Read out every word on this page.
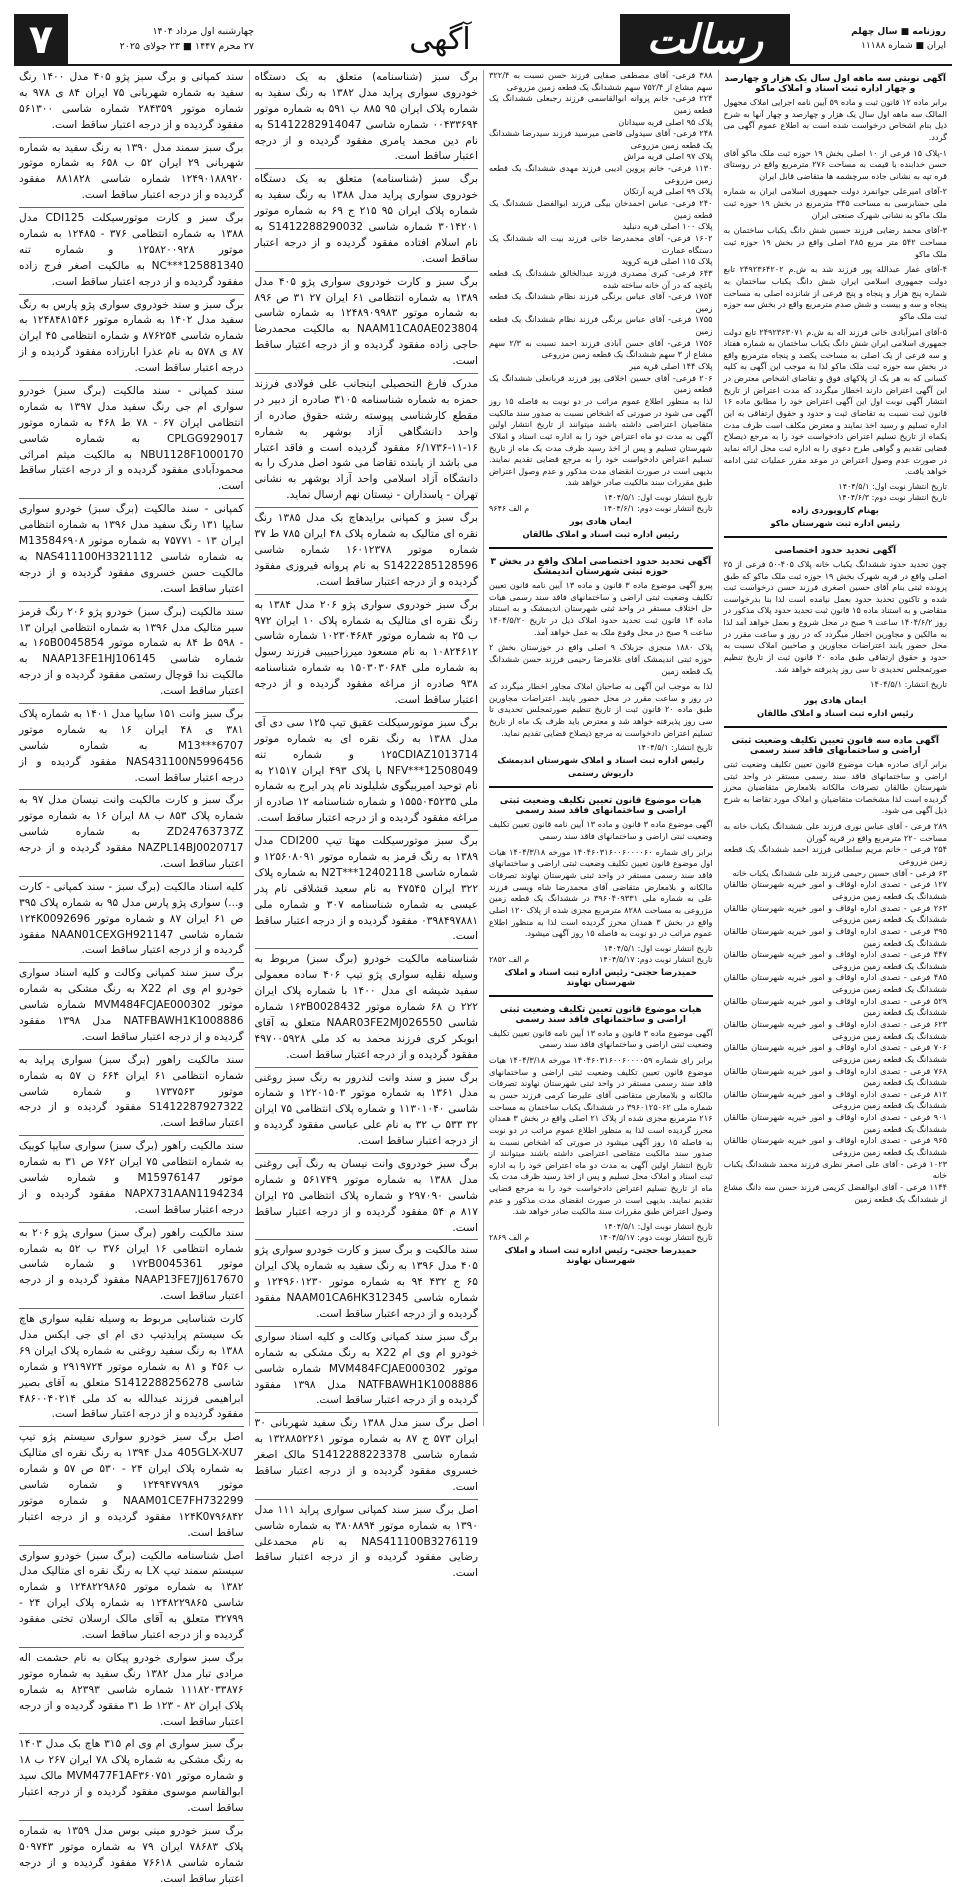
۷	چهارشنبه اول مرداد ۱۴۰۴
۲۷ محرم ۱۴۴۷ ■ ۲۳ جولای ۲۰۲۵	آگهی	رسالت	روزنامه ■ سال چهلم
ایران ■ شماره ۱۱۱۸۸
آگهی نوبتی سه ماهه اول سال یک هزار و چهارصد و چهار اداره ثبت اسناد و املاک ماکو

برابر ماده ۱۲ قانون ثبت و ماده ۵۹ آیین نامه اجرایی املاک مجهول المالک سه ماهه اول سال یک هزار و چهارصد و چهار آنها به شرح ذیل بنام اشخاص درخواست شده است به اطلاع عموم آگهی می گردد.

۱-پلاک ۱۵ فرعی از ۱۰ اصلی بخش ۱۹ حوزه ثبت ملک ماکو آقای حسن خدابنده با قیمت به مساحت ۲۷۶ مترمربع واقع در روستای قره تپه به نشانی جاده سرچشمه ها متقاضی قابل ایران

۲-آقای امیرعلی جوانمرد دولت جمهوری اسلامی ایران به شماره ملی حسابرسی به مساحت ۳۴۵ مترمربع در بخش ۱۹ حوزه ثبت ملک ماکو به نشانی شهرک صنعتی ایران

۳-آقای محمد رضایی فرزند حسین شش دانگ یکباب ساختمان به مساحت ۵۴۲ متر مربع ۲۸۵ اصلی واقع در بخش ۱۹ حوزه ثبت ملک ماکو

۴-آقای غفار عبدالله پور فرزند شد به ش.م ۲۴۹۲۳۶۴۲۰۲ تابع دولت جمهوری اسلامی ایران شش دانگ یکباب ساختمان به شماره پنج هزار و پنجاه و پنج فرعی از شانزده اصلی به مساحت پنجاه و سه و بیست و شش صدم مترمربع واقع در بخش سه حوزه ثبت ملک ماکو

۵-آقای امیرآبادی خانی فرزند اله به ش.م ۲۴۹۲۳۶۳۰۷۱ تابع دولت جمهوری اسلامی ایران شش دانگ یکباب ساختمان به شماره هفتاد و سه فرعی از یک اصلی به مساحت یکصد و پنجاه مترمربع واقع در بخش سه حوزه ثبت ملک ماکو لذا به موجب این آگهی به کلیه کسانی که به هر یک از پلاکهای فوق و تقاضای اشخاص معترض در این آگهی اعتراض دارند اخطار میگردد که مدت اعتراض از تاریخ انتشار آگهی نوبت اول این آگهی اعتراض خود را مطابق ماده ۱۶ قانون ثبت نسبت به تقاضای ثبت و حدود و حقوق ارتفاقی به این اداره تسلیم و رسید اخذ نمایند و معترض مکلف است ظرف مدت یکماه از تاریخ تسلیم اعتراض دادخواست خود را به مرجع ذیصلاح قضایی تقدیم و گواهی طرح دعوی را به اداره ثبت محل ارائه نماید در صورت عدم وصول اعتراض در موعد مقرر عملیات ثبتی ادامه خواهد یافت.

تاریخ انتشار نوبت اول: ۱۴۰۴/۵/۱
تاریخ انتشار نوبت دوم: ۱۴۰۴/۶/۳
بهنام کاروپوردی زاده
رئیس اداره ثبت شهرستان ماکو
آگهی تحدید حدود اختصاصی

چون تحدید حدود ششدانگ یکباب خانه پلاک ۴۰۵-۵۰ فرعی از ۲۵ اصلی واقع در قریه شهرک بخش ۱۹ حوزه ثبت ملک ماکو که طبق پرونده ثبتی بنام آقای حسین اصغری فرزند حسن درخواست ثبت شده و تاکنون تحدید حدود بعمل نیامده است لذا بنا بدرخواست متقاضی و به استناد ماده ۱۵ قانون ثبت تحدید حدود پلاک مذکور در روز ۱۴۰۴/۶/۲ ساعت ۹ صبح در محل شروع و بعمل خواهد آمد لذا به مالکین و مجاورین اخطار میگردد که در روز و ساعت مقرر در محل حضور یابند اعتراضات مجاورین و صاحبین املاک نسبت به حدود و حقوق ارتفاقی طبق ماده ۲۰ قانون ثبت از تاریخ تنظیم صورتمجلس تحدیدی تا سی روز پذیرفته خواهد شد.

تاریخ انتشار: ۱۴۰۴/۵/۱

ایمان هادی پور
رئیس اداره ثبت اسناد و املاک طالقان
آگهی ماده سه قانون تعیین تکلیف وضعیت ثبتی اراضی و ساختمانهای فاقد سند رسمی

برابر آرای صادره هیات موضوع قانون تعیین تکلیف وضعیت ثبتی اراضی و ساختمانهای فاقد سند رسمی مستقر در واحد ثبتی شهرستان طالقان تصرفات مالکانه بلامعارض متقاضیان محرز گردیده است لذا مشخصات متقاضیان و املاک مورد تقاضا به شرح ذیل آگهی می شود.

۲۸۹ فرعی - آقای عباس نوری فرزند علی ششدانگ یکباب خانه به مساحت ۲۲۰ مترمربع واقع در قریه گوران

۲۵۴ فرعی - خانم مریم سلطانی فرزند احمد ششدانگ یک قطعه زمین مزروعی

۶۳ فرعی - آقای حسین رحیمی فرزند علی ششدانگ یکباب خانه

۱۲۷ فرعی - تصدی اداره اوقاف و امور خیریه شهرستان طالقان ششدانگ یک قطعه زمین مزروعی

۲۶۳ فرعی - تصدی اداره اوقاف و امور خیریه شهرستان طالقان ششدانگ یک قطعه زمین مزروعی

۳۹۵ فرعی - تصدی اداره اوقاف و امور خیریه شهرستان طالقان ششدانگ یک قطعه زمین

۴۴۷ فرعی - تصدی اداره اوقاف و امور خیریه شهرستان طالقان ششدانگ یک قطعه زمین مزروعی

۴۸۵ فرعی - تصدی اداره اوقاف و امور خیریه شهرستان طالقان ششدانگ یک قطعه زمین مزروعی

۵۲۹ فرعی - تصدی اداره اوقاف و امور خیریه شهرستان طالقان ششدانگ یک قطعه زمین

۶۲۳ فرعی - تصدی اداره اوقاف و امور خیریه شهرستان طالقان ششدانگ یک قطعه زمین مزروعی

۷۰۶ فرعی - تصدی اداره اوقاف و امور خیریه شهرستان طالقان ششدانگ یک قطعه زمین مزروعی

۷۶۸ فرعی - تصدی اداره اوقاف و امور خیریه شهرستان طالقان ششدانگ یک قطعه زمین

۸۱۲ فرعی - تصدی اداره اوقاف و امور خیریه شهرستان طالقان ششدانگ یک قطعه زمین مزروعی

۹۰۱ فرعی - تصدی اداره اوقاف و امور خیریه شهرستان طالقان ششدانگ یک قطعه زمین

۹۶۵ فرعی - تصدی اداره اوقاف و امور خیریه شهرستان طالقان ششدانگ یک قطعه زمین مزروعی

۱۰۲۳ فرعی - آقای علی اصغر نظری فرزند محمد ششدانگ یکباب خانه

۱۱۴۴ فرعی - آقای ابوالفضل کریمی فرزند حسن سه دانگ مشاع از ششدانگ یک قطعه زمین

۳۸۸ فرعی- آقای مصطفی صفایی فرزند حسن نسبت به ۳۲۲/۴ سهم مشاع از ۷۵۲/۴ سهم ششدانگ یک قطعه زمین مزروعی

۲۲۴ فرعی- خانم پروانه ابوالقاسمی فرزند رجبعلی ششدانگ یک قطعه زمین

پلاک ۹۵ اصلی قریه سیدانان

۲۴۸ فرعی- آقای سیدولی قاضی میرسید فرزند سیدرضا ششدانگ یک قطعه زمین مزروعی

پلاک ۹۷ اصلی قریه مراش

۱۱۳۰ فرعی- خانم پروین ادیبی فرزند مهدی ششدانگ یک قطعه زمین مزروعی

پلاک ۹۹ اصلی قریه آرتکان

۲۴۰ فرعی- عباس احمدخان بیگی فرزند ابوالفضل ششدانگ یک قطعه زمین

پلاک ۱۰۰ اصلی قریه دنبلید

۱۶۰۲ فرعی- آقای محمدرضا خانی فرزند بیت اله ششدانگ یک دستگاه عمارت

پلاک ۱۱۵ اصلی قریه کروید

۶۴۳ فرعی- کبری مصدری فرزند عبدالخالق ششدانگ یک قطعه باغچه که در آن خانه ساخته شده

۱۷۵۴ فرعی- آقای عباس برنگی فرزند نظام ششدانگ یک قطعه زمین

۱۷۵۵ فرعی- آقای عباس برنگی فرزند نظام ششدانگ یک قطعه زمین

۱۷۵۶ فرعی- آقای حسن آبادی فرزند احمد نسبت به ۲/۳ سهم مشاع از ۳ سهم ششدانگ یک قطعه زمین مزروعی

پلاک ۱۴۴ اصلی قریه میر

۲۰۶ فرعی- آقای حسین اخلاقی پور فرزند قربانعلی ششدانگ یک قطعه زمین

لذا به منظور اطلاع عموم مراتب در دو نوبت به فاصله ۱۵ روز آگهی می شود در صورتی که اشخاص نسبت به صدور سند مالکیت متقاضیان اعتراضی داشته باشند میتوانند از تاریخ انتشار اولین آگهی به مدت دو ماه اعتراض خود را به اداره ثبت اسناد و املاک شهرستان تسلیم و پس از اخذ رسید ظرف مدت یک ماه از تاریخ تسلیم اعتراض دادخواست خود را به مرجع قضایی تقدیم نمایند. بدیهی است در صورت انقضای مدت مذکور و عدم وصول اعتراض طبق مقررات سند مالکیت صادر خواهد شد.

تاریخ انتشار نوبت اول: ۱۴۰۴/۵/۱
تاریخ انتشار نوبت دوم: ۱۴۰۴/۶/۱
م الف ۹۶۴۶
ایمان هادی پور
رئیس اداره ثبت اسناد و املاک طالقان
آگهی تحدید حدود اختصاصی املاک واقع در بخش ۳ حوزه ثبتی شهرستان اندیمشک

پیرو آگهی موضوع ماده ۳ قانون و ماده ۱۳ آیین نامه قانون تعیین تکلیف وضعیت ثبتی اراضی و ساختمانهای فاقد سند رسمی هیات حل اختلاف مستقر در واحد ثبتی شهرستان اندیمشک و به استناد ماده ۱۴ قانون ثبت تحدید حدود املاک ذیل در تاریخ ۱۴۰۴/۵/۲۰ ساعت ۹ صبح در محل وقوع ملک به عمل خواهد آمد.

پلاک ۱۸۸۰ منجزی جزبلاک ۹ اصلی واقع در خوزستان بخش ۲ حوزه ثبتی اندیمشک آقای غلامرضا رحیمی فرزند حسن ششدانگ یک قطعه زمین

لذا به موجب این آگهی به صاحبان املاک مجاور اخطار میگردد که در روز و ساعت مقرر در محل حضور یابند. اعتراضات مجاورین طبق ماده ۲۰ قانون ثبت از تاریخ تنظیم صورتمجلس تحدیدی تا سی روز پذیرفته خواهد شد و معترض باید ظرف یک ماه از تاریخ تسلیم اعتراض دادخواست به مرجع ذیصلاح قضایی تقدیم نماید.

تاریخ انتشار: ۱۴۰۴/۵/۱
رئیس اداره ثبت اسناد و املاک شهرستان اندیمشک
داریوش رستمی
هیات موضوع قانون تعیین تکلیف وضعیت ثبتی اراضی و ساختمانهای فاقد سند رسمی

آگهی موضوع ماده ۳ قانون و ماده ۱۳ آیین نامه قانون تعیین تکلیف وضعیت ثبتی اراضی و ساختمانهای فاقد سند رسمی

برابر رای شماره ۱۴۰۴۶۰۳۱۶۰۰۶۰۰۰۰۶۰ مورخه ۱۴۰۴/۳/۱۸ هیات اول موضوع قانون تعیین تکلیف وضعیت ثبتی اراضی و ساختمانهای فاقد سند رسمی مستقر در واحد ثبتی شهرستان نهاوند تصرفات مالکانه و بلامعارض متقاضی آقای محمدرضا شاه ویسی فرزند علی به شماره ملی ۳۹۶۰۴۰۹۳۳۱ در ششدانگ یک قطعه زمین مزروعی به مساحت ۸۲۸۸ مترمربع مجزی شده از پلاک ۱۲۰ اصلی واقع در بخش ۳ همدان محرز گردیده است لذا به منظور اطلاع عموم مراتب در دو نوبت به فاصله ۱۵ روز آگهی میشود.

تاریخ انتشار نوبت اول: ۱۴۰۴/۵/۱
تاریخ انتشار نوبت دوم: ۱۴۰۴/۵/۱۷
م الف ۲۸۵۲
حمیدرضا حجتی- رئیس اداره ثبت اسناد و املاک شهرستان نهاوند
هیات موضوع قانون تعیین تکلیف وضعیت ثبتی اراضی و ساختمانهای فاقد سند رسمی

آگهی موضوع ماده ۳ قانون و ماده ۱۳ آیین نامه قانون تعیین تکلیف وضعیت ثبتی اراضی و ساختمانهای فاقد سند رسمی

برابر رای شماره ۱۴۰۴۶۰۳۱۶۰۰۶۰۰۰۰۵۹ مورخه ۱۴۰۴/۳/۱۸ هیات موضوع قانون تعیین تکلیف وضعیت ثبتی اراضی و ساختمانهای فاقد سند رسمی مستقر در واحد ثبتی شهرستان نهاوند تصرفات مالکانه و بلامعارض متقاضی آقای علیرضا کرمی فرزند حسن به شماره ملی ۳۹۶۰۱۲۵۰۶۲ در ششدانگ یکباب ساختمان به مساحت ۲۱۶ مترمربع مجزی شده از پلاک ۲۱ اصلی واقع در بخش ۳ همدان محرز گردیده است لذا به منظور اطلاع عموم مراتب در دو نوبت به فاصله ۱۵ روز آگهی میشود در صورتی که اشخاص نسبت به صدور سند مالکیت متقاضی اعتراضی داشته باشند میتوانند از تاریخ انتشار اولین آگهی به مدت دو ماه اعتراض خود را به اداره ثبت اسناد و املاک محل تسلیم و پس از اخذ رسید ظرف مدت یک ماه از تاریخ تسلیم اعتراض دادخواست خود را به مرجع قضایی تقدیم نمایند. بدیهی است در صورت انقضای مدت مذکور و عدم وصول اعتراض طبق مقررات سند مالکیت صادر خواهد شد.

تاریخ انتشار نوبت اول: ۱۴۰۴/۵/۱
تاریخ انتشار نوبت دوم: ۱۴۰۴/۵/۱۷
م الف ۲۸۶۹
حمیدرضا حجتی- رئیس اداره ثبت اسناد و املاک شهرستان نهاوند

برگ سبز (شناسنامه) متعلق به یک دستگاه خودروی سواری پراید مدل ۱۳۸۲ به رنگ سفید به شماره پلاک ایران ۹۵ ۸۸۵ ب ۵۹۱ به شماره موتور ۰۰۴۳۳۶۹۴ شماره شاسی S1412282914047 به نام دین محمد یامری مفقود گردیده و از درجه اعتبار ساقط است.

برگ سبز (شناسنامه) متعلق به یک دستگاه خودروی سواری پراید مدل ۱۳۸۸ به رنگ سفید به شماره پلاک ایران ۹۵ ۲۱۵ ج ۶۹ به شماره موتور ۳۰۱۴۲۰۱ شماره شاسی S1412288290032 به نام اسلام افتاده مفقود گردیده و از درجه اعتبار ساقط است.

برگ سبز و کارت خودروی سواری پژو ۴۰۵ مدل ۱۳۸۹ به شماره انتظامی ۶۱ ایران ۲۷ ۳۱ ص ۸۹۶ به شماره موتور ۱۲۴۸۹۰۹۹۸۳ به شماره شاسی NAAM11CA0AE023804 به مالکیت محمدرضا حاجی زاده مفقود گردیده و از درجه اعتبار ساقط است.

مدرک فارغ التحصیلی اینجانب علی فولادی فرزند حمزه به شماره شناسنامه ۳۱۰۵ صادره از دبیر در مقطع کارشناسی پیوسته رشته حقوق صادره از واحد دانشگاهی آزاد بوشهر به شماره ۱۶-۱۱-۶/۱۷۳۶ مفقود گردیده است و فاقد اعتبار می باشد از یابنده تقاضا می شود اصل مدرک را به دانشگاه آزاد اسلامی واحد آزاد بوشهر به نشانی تهران - پاسداران - نیستان نهم ارسال نماید.

برگ سبز و کمپانی برایدهاچ بک مدل ۱۳۸۵ رنگ نقره ای متالیک به شماره پلاک ۴۸ ایران ۷۸۵ ط ۳۷ شماره موتور ۱۶۰۱۲۳۷۸ شماره شاسی S1422285128596 به نام پروانه فیروزی مفقود گردیده و از درجه اعتبار ساقط است.

برگ سبز خودروی سواری پژو ۲۰۶ مدل ۱۳۸۴ به رنگ نقره ای متالیک به شماره پلاک ۱۰ ایران ۹۷۲ ب ۲۵ به شماره موتور ۱۰۲۳۰۴۶۸۴ شماره شاسی ۱۰۸۲۴۶۱۲ به نام مسعود میرزاحبیبی فرزند رسول به شماره ملی ۱۵۰۳۰۳۰۶۸۴ به شماره شناسنامه ۹۳۸ صادره از مراغه مفقود گردیده و از درجه اعتبار ساقط است.

برگ سبز موتورسیکلت عقیق تیپ ۱۲۵ سی دی آی مدل ۱۳۸۸ به رنگ نقره ای به شماره موتور ۱۲۵CDIAZ1013714 و شماره تنه NFV***12508049 با پلاک ۴۹۳ ایران ۲۱۵۱۷ به نام توحید امیربیگوی شلیلوند نام پدر ایرج به شماره ملی ۱۵۵۵۰۴۵۲۳۵ و شماره شناسنامه ۱۲ صادره از مراغه مفقود گردیده و از درجه اعتبار ساقط است.

برگ سبز موتورسیکلت مهتا تیپ CDI200 مدل ۱۳۸۹ به رنگ قرمز به شماره موتور ۱۲۵۶۰۸۰۹۱ و شماره شاسی N2T***12402118 به شماره پلاک ۳۲۲ ایران ۴۷۵۴۵ به نام سعید قشلاقی نام پدر عیسی به شماره شناسنامه ۳۰۷ و شماره ملی ۰۳۹۸۴۹۷۸۸۱ مفقود گردیده و از درجه اعتبار ساقط است.

شناسنامه مالکیت خودرو (برگ سبز) مربوط به وسیله نقلیه سواری پژو تیپ ۴۰۶ ساده معمولی سفید شیشه ای مدل ۱۴۰۰ با شماره پلاک ایران ۲۲۲ ن ۶۸ شماره موتور ۱۶۳B0028432 شماره شاسی NAAR03FE2MJ026550 متعلق به آقای ابوبکر کری فرزند محمد به کد ملی ۴۹۷۰۰۵۹۲۸ مفقود گردیده و از درجه اعتبار ساقط است.

برگ سبز و سند وانت لندرور به رنگ سبز روغنی مدل ۱۳۶۱ به شماره موتور ۱۲۲۰۱۵۰۳ و شماره شاسی ۱۱۳۰۱۰۴۰ و شماره پلاک انتظامی ۷۵ ایران ۳۲ ۵۳۳ ب ۳۲ به نام علی عباسی مفقود گردیده و از درجه اعتبار ساقط است.

برگ سبز خودروی وانت نیسان به رنگ آبی روغنی مدل ۱۳۸۸ به شماره موتور ۵۶۱۷۴۹ و شماره شاسی ۲۹۷۰۹۰ و شماره پلاک انتظامی ۲۵ ایران ۸۱۷ م ۵۴ مفقود گردیده و از درجه اعتبار ساقط است.

سند مالکیت و برگ سبز و کارت خودرو سواری پژو ۴۰۵ مدل ۱۳۹۶ به رنگ سفید به شماره پلاک ایران ۶۵ ج ۴۳۲ ۹۴ به شماره موتور ۱۲۴۹۶۰۱۲۳۰ و شماره شاسی NAAM01CA6HK312345 مفقود گردیده و از درجه اعتبار ساقط است.

برگ سبز سند کمپانی وکالت و کلیه اسناد سواری خودرو ام وی ام X22 به رنگ مشکی به شماره موتور MVM484FCJAE000302 شماره شاسی NATFBAWH1K1008886 مدل ۱۳۹۸ مفقود گردیده و از درجه اعتبار ساقط است.

اصل برگ سبز مدل ۱۳۸۸ رنگ سفید شهربانی ۳۰ ایران ۵۷۳ ج ۸۷ به شماره موتور ۱۳۲۸۸۵۲۲۶۱ به شماره شاسی S1412288223378 مالک اصغر خسروی مفقود گردیده و از درجه اعتبار ساقط است.

اصل برگ سبز سند کمپانی سواری پراید ۱۱۱ مدل ۱۳۹۰ به شماره موتور ۳۸۰۸۸۹۴ به شماره شاسی NAS411100B3276119 به نام محمدعلی رضایی مفقود گردیده و از درجه اعتبار ساقط است.

سند کمپانی و برگ سبز پژو ۴۰۵ مدل ۱۴۰۰ رنگ سفید به شماره شهربانی ۷۵ ایران ۸۴ ی ۹۷۸ به شماره موتور ۲۸۴۳۵۹ شماره شاسی ۵۶۱۳۰۰ مفقود گردیده و از درجه اعتبار ساقط است.

برگ سبز سمند مدل ۱۳۹۰ به رنگ سفید به شماره شهربانی ۲۹ ایران ۵۲ ب ۶۵۸ به شماره موتور ۱۲۴۹۰۱۸۸۹۲۰ شماره شاسی ۸۸۱۸۲۸ مفقود گردیده و از درجه اعتبار ساقط است.

برگ سبز و کارت موتورسیکلت CDI125 مدل ۱۳۸۸ به شماره انتظامی ۳۷۶ - ۱۲۴۸۵ به شماره موتور ۱۲۵۸۲۰۰۹۲۸ و شماره تنه NC***125881340 به مالکیت اصغر فرج زاده مفقود گردیده و از درجه اعتبار ساقط است.

برگ سبز و سند خودروی سواری پژو پارس به رنگ سفید مدل ۱۴۰۲ به شماره موتور ۱۲۴۸۴۸۱۵۴۶ به شماره شاسی ۸۷۶۲۵۴ و شماره انتظامی ۴۵ ایران ۸۷ ی ۵۷۸ به نام عذرا ابارزاده مفقود گردیده و از درجه اعتبار ساقط است.

سند کمپانی - سند مالکیت (برگ سبز) خودرو سواری ام جی رنگ سفید مدل ۱۳۹۷ به شماره انتظامی ایران ۶۷ - ۷۸ ط ۴۶۸ به شماره موتور CPLGG929017 به شماره شاسی NBU1128F1000170 به مالکیت میثم امرائی محمودآبادی مفقود گردیده و از درجه اعتبار ساقط است.

کمپانی - سند مالکیت (برگ سبز) خودرو سواری سایپا ۱۳۱ رنگ سفید مدل ۱۳۹۶ به شماره انتظامی ایران ۱۳ - ۷۵۷۷۱ به شماره موتور M13584۶۹۰۸ به شماره شاسی NAS411100H3321112 به مالکیت حسن خسروی مفقود گردیده و از درجه اعتبار ساقط است.

سند مالکیت (برگ سبز) خودرو پژو ۲۰۶ رنگ قرمز سیر متالیک مدل ۱۳۹۶ به شماره انتظامی ایران ۱۳ - ۵۹۸ ط ۸۴ به شماره موتور ۱۶۵B0045854 به شماره شاسی NAAP13FE1HJ106145 به مالکیت ندا قوچال رستمی مفقود گردیده و از درجه اعتبار ساقط است.

برگ سبز وانت ۱۵۱ سایپا مدل ۱۴۰۱ به شماره پلاک ۳۸۱ ی ۴۸ ایران ۱۶ به شماره موتور M13***6707 به شماره شاسی NAS431100N5996456 مفقود گردیده و از درجه اعتبار ساقط است.

برگ سبز و کارت مالکیت وانت نیسان مدل ۹۷ به شماره پلاک ۸۵۳ ب ۸۸ ایران ۱۶ به شماره موتور ZD24763737Z به شماره شاسی NAZPL14BJ0020717 مفقود گردیده و از درجه اعتبار ساقط است.

کلیه اسناد مالکیت (برگ سبز - سند کمپانی - کارت و...) سواری پژو پارس مدل ۹۵ به شماره پلاک ۳۹۵ ص ۶۱ ایران ۸۷ و شماره موتور ۱۲۴K0092696 شماره شاسی NAAN01CEXGH921147 مفقود گردیده و از درجه اعتبار ساقط است.

برگ سبز سند کمپانی وکالت و کلیه اسناد سواری خودرو ام وی ام X22 به رنگ مشکی به شماره موتور MVM484FCJAE000302 شماره شاسی NATFBAWH1K1008886 مدل ۱۳۹۸ مفقود گردیده و از درجه اعتبار ساقط است.

سند مالکیت راهور (برگ سبز) سواری پراید به شماره انتظامی ۶۱ ایران ۶۶۴ ن ۵۷ به شماره موتور ۱۷۳۷۵۶۳ و شماره شاسی S1412287927322 مفقود گردیده و از درجه اعتبار ساقط است.

سند مالکیت راهور (برگ سبز) سواری سایپا کوییک به شماره انتظامی ۷۵ ایران ۷۶۲ ص ۳۱ به شماره موتور M15976147 و شماره شاسی NAPX731AAN1194234 مفقود گردیده و از درجه اعتبار ساقط است.

سند مالکیت راهور (برگ سبز) سواری پژو ۲۰۶ به شماره انتظامی ۱۶ ایران ۳۷۶ ب ۵۲ به شماره موتور ۱۷۲B0045361 و شماره شاسی NAAP13FE7JJ617670 مفقود گردیده و از درجه اعتبار ساقط است.

کارت شناسایی مربوط به وسیله نقلیه سواری هاچ بک سیستم پرایدتیپ دی ام ای جی ایکس مدل ۱۳۸۸ به رنگ سفید روغنی به شماره پلاک ایران ۶۹ ب ۴۵۶ و ۸۱ به شماره موتور ۲۹۱۹۷۲۴ و شماره شاسی S1412288256278 متعلق به آقای بصیر ابراهیمی فرزند عبدالله به کد ملی ۴۸۶۰۰۴۰۲۱۴ مفقود گردیده و از درجه اعتبار ساقط است.

اصل برگ سبز خودرو سواری سیستم پژو تیپ 405GLX-XU7 مدل ۱۳۹۴ به رنگ نقره ای متالیک به شماره پلاک ایران ۲۴ - ۵۳۰ ص ۵۷ و شماره موتور ۱۲۴۹۴۷۷۹۸۹ و شماره شاسی NAAM01CE7FH732299 و شماره موتور ۱۲۴K0۷۹۶۸۴۲ مفقود گردیده و از درجه اعتبار ساقط است.

اصل شناسنامه مالکیت (برگ سبز) خودرو سواری سیستم سمند تیپ LX به رنگ نقره ای متالیک مدل ۱۳۸۲ به شماره موتور ۱۲۴۸۲۲۹۸۶۵ و شماره شاسی ۱۲۴۸۲۲۹۸۶۵ به شماره پلاک ایران ۲۴ - ۳۲۷۹۹ متعلق به آقای مالک ارسلان تختی مفقود گردیده و از درجه اعتبار ساقط است.

برگ سبز سواری خودرو پیکان به نام حشمت اله مرادی تبار مدل ۱۳۸۲ رنگ سفید به شماره موتور ۱۱۱۸۲۰۳۳۸۷۶ شماره شاسی ۸۲۳۹۳ به شماره پلاک ایران ۸۲ - ۱۲۳ ط ۳۱ مفقود گردیده و از درجه اعتبار ساقط است.

برگ سبز سواری ام وی ام ۳۱۵ هاچ بک مدل ۱۴۰۳ به رنگ مشکی به شماره پلاک ۷۸ ایران ۲۶۷ ب ۱۸ و شماره موتور MVM477F1AF۳۶۰۷۵۱ مالک سید ابوالقاسم موسوی مفقود گردیده و از درجه اعتبار ساقط است.

برگ سبز خودرو مینی بوس مدل ۱۳۵۹ به شماره پلاک ۷۸۶۸۳ ایران ۷۹ به شماره موتور ۵۰۹۷۴۳ شماره شاسی ۷۶۶۱۸ مفقود گردیده و از درجه اعتبار ساقط است.
